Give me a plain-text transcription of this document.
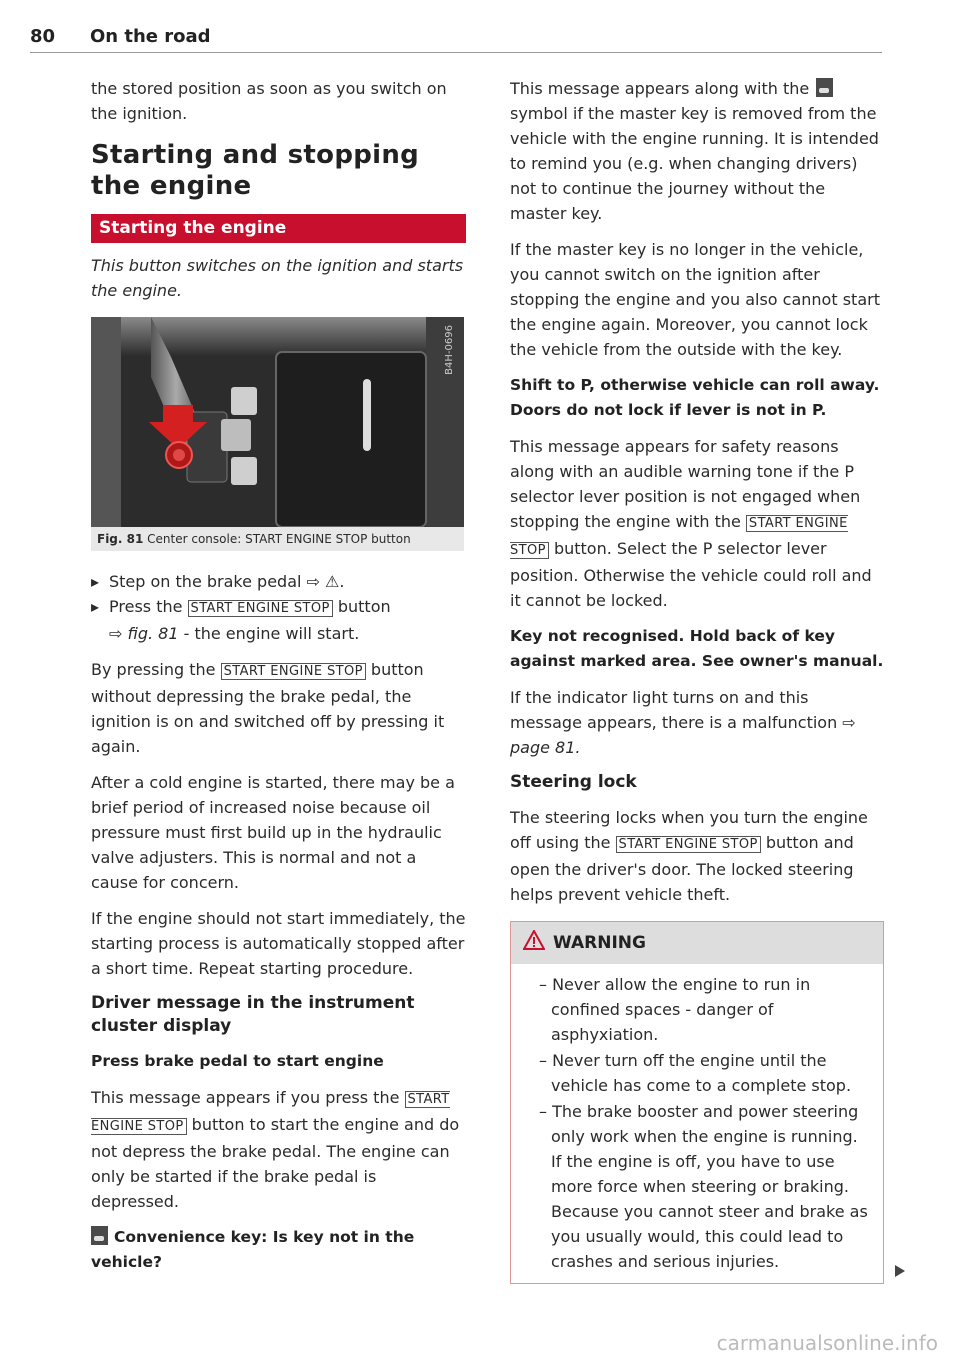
80 On the road

the stored position as soon as you switch on the ignition.

Starting and stopping the engine
Starting the engine

This button switches on the ignition and starts the engine.

B4H-0696
Fig. 81 Center console: START ENGINE STOP button

▸ Step on the brake pedal ⇨ ⚠.

▸ Press the START ENGINE STOP button

⇨ fig. 81 - the engine will start.

By pressing the START ENGINE STOP button without depressing the brake pedal, the ignition is on and switched off by pressing it again.

After a cold engine is started, there may be a brief period of increased noise because oil pressure must first build up in the hydraulic valve adjusters. This is normal and not a cause for concern.

If the engine should not start immediately, the starting process is automatically stopped after a short time. Repeat starting procedure.

Driver message in the instrument cluster display
Press brake pedal to start engine

This message appears if you press the START ENGINE STOP button to start the engine and do not depress the brake pedal. The engine can only be started if the brake pedal is depressed.

Convenience key: Is key not in the vehicle?

This message appears along with the  symbol if the master key is removed from the vehicle with the engine running. It is intended to remind you (e.g. when changing drivers) not to continue the journey without the master key.

If the master key is no longer in the vehicle, you cannot switch on the ignition after stopping the engine and you also cannot start the engine again. Moreover, you cannot lock the vehicle from the outside with the key.

Shift to P, otherwise vehicle can roll away. Doors do not lock if lever is not in P.

This message appears for safety reasons along with an audible warning tone if the P selector lever position is not engaged when stopping the engine with the START ENGINE STOP button. Select the P selector lever position. Otherwise the vehicle could roll and it cannot be locked.

Key not recognised. Hold back of key against marked area. See owner's manual.

If the indicator light turns on and this message appears, there is a malfunction ⇨ page 81.

Steering lock

The steering locks when you turn the engine off using the START ENGINE STOP button and open the driver's door. The locked steering helps prevent vehicle theft.

WARNING

– Never allow the engine to run in confined spaces - danger of asphyxiation.

– Never turn off the engine until the vehicle has come to a complete stop.

– The brake booster and power steering only work when the engine is running. If the engine is off, you have to use more force when steering or braking. Because you cannot steer and brake as you usually would, this could lead to crashes and serious injuries.

carmanualsonline.info
